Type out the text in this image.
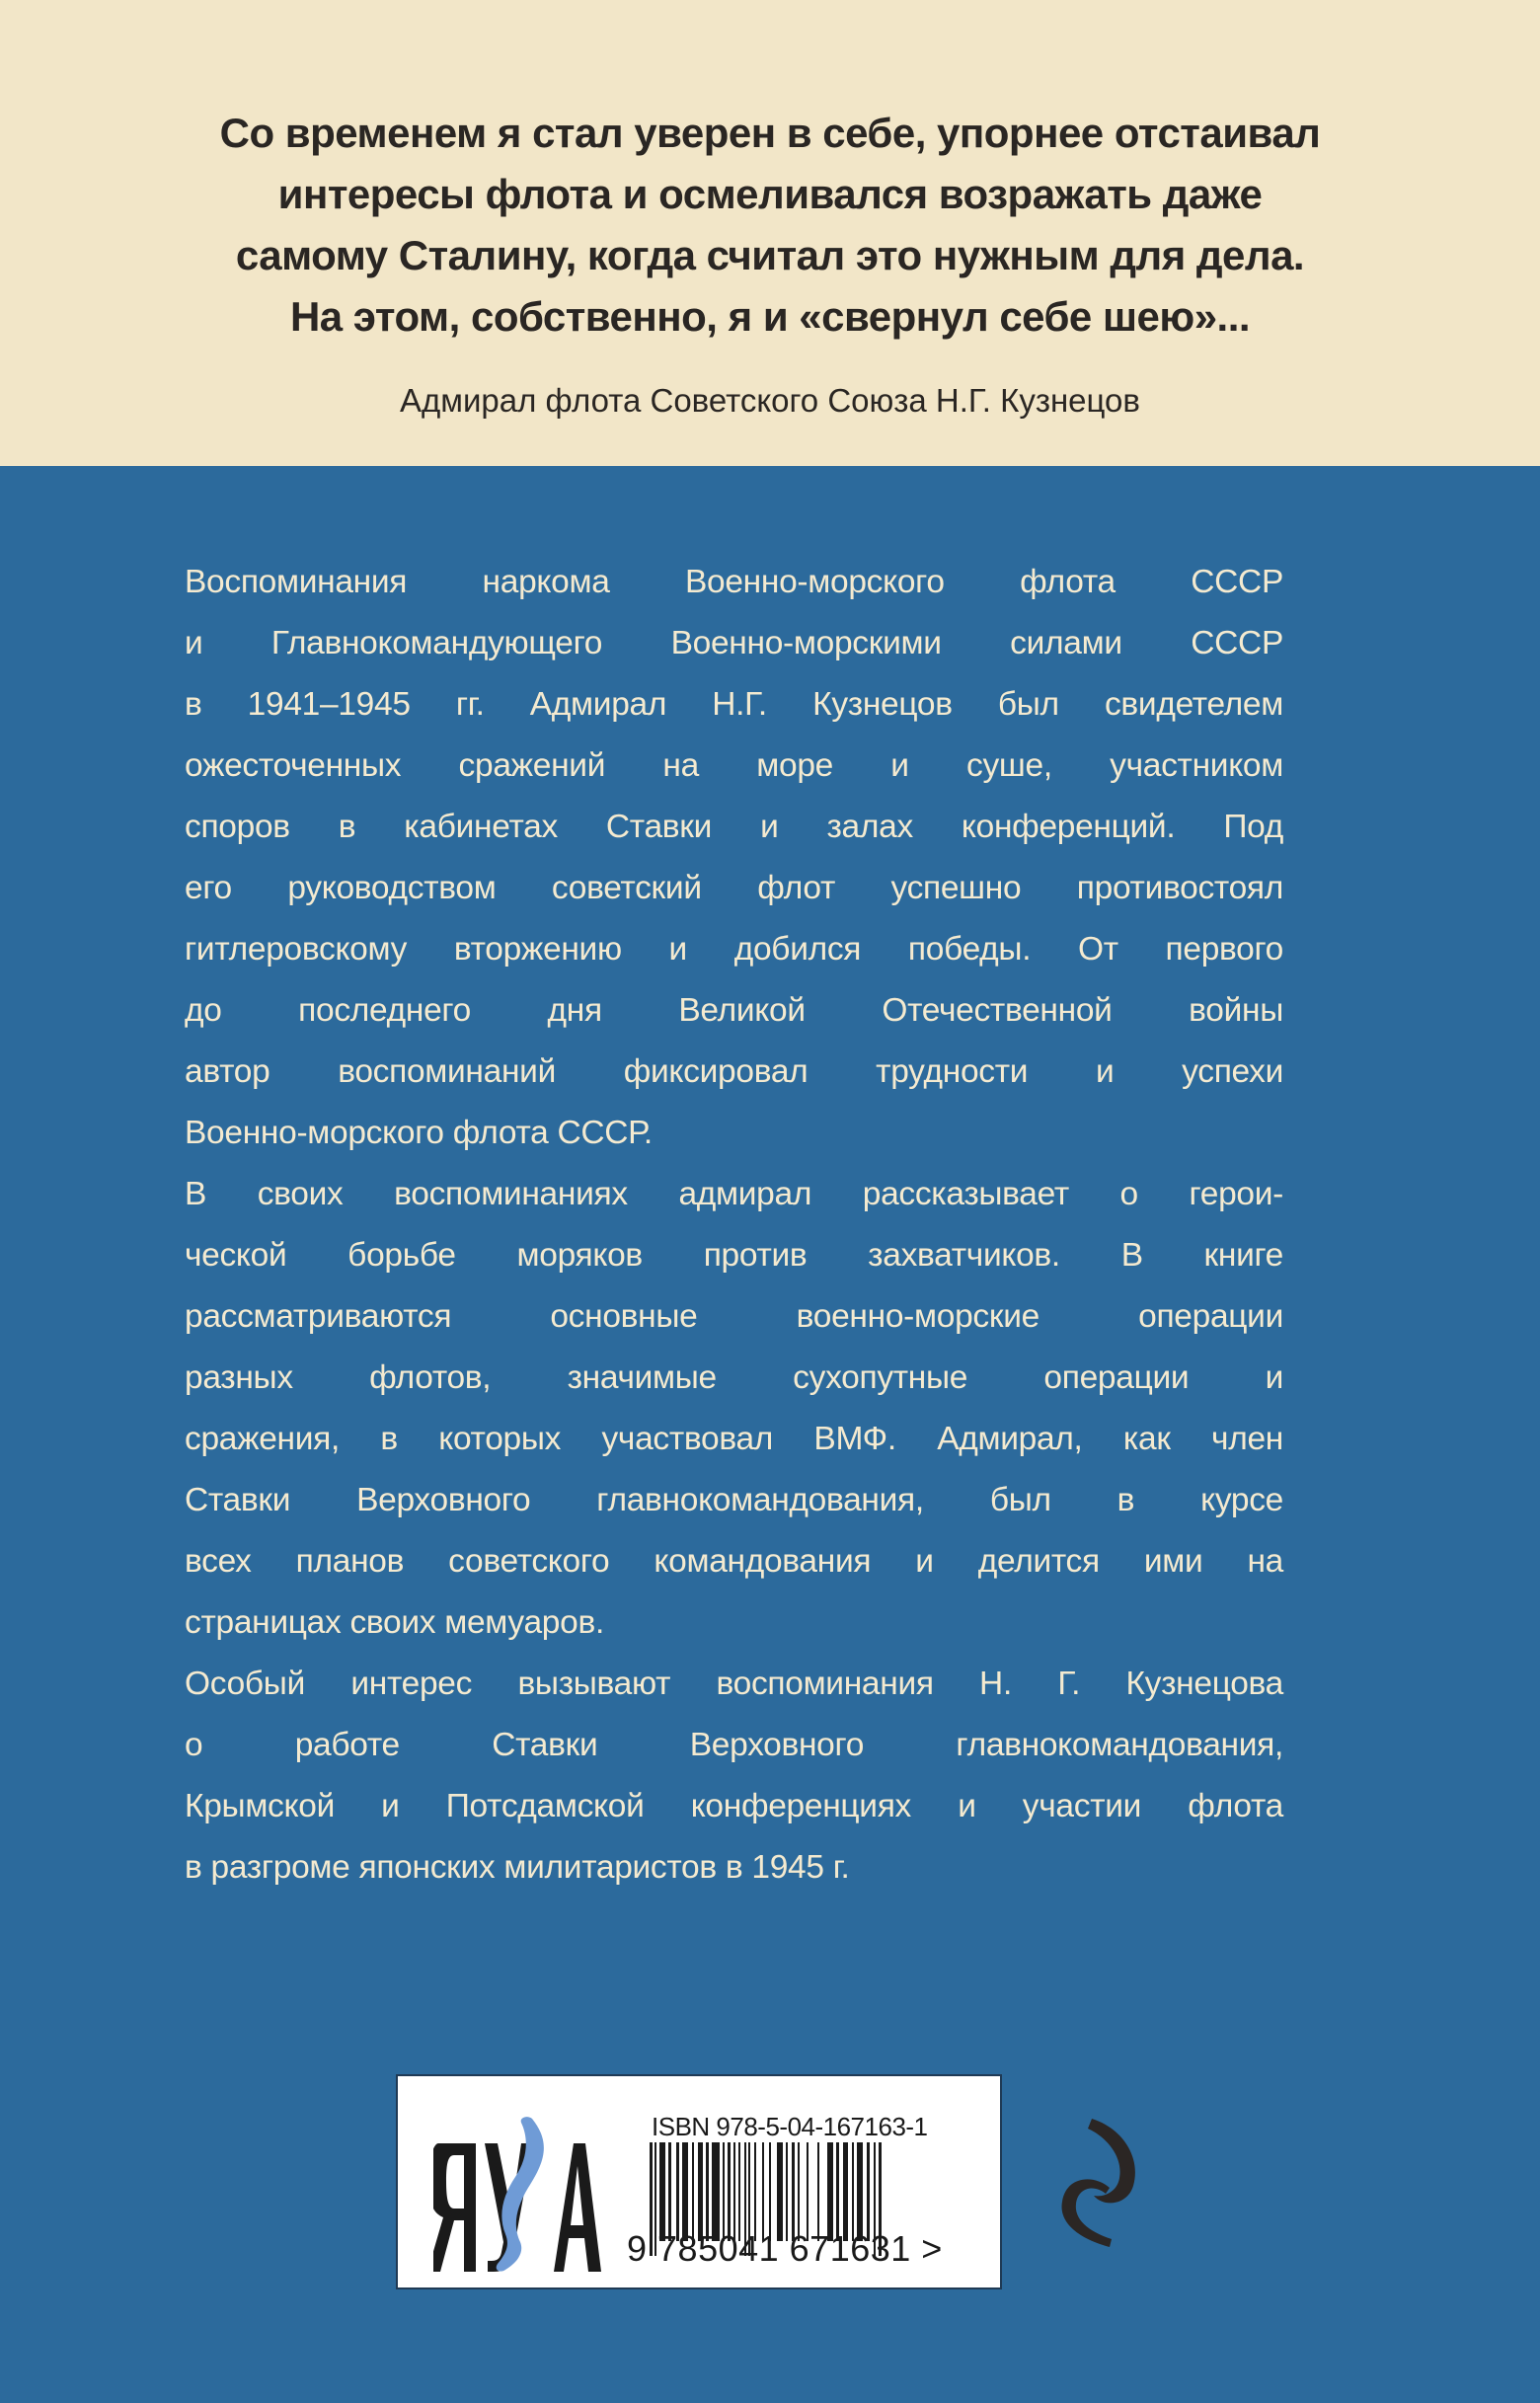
Со временем я стал уверен в себе, упорнее отстаивал
интересы флота и осмеливался возражать даже
самому Сталину, когда считал это нужным для дела.
На этом, собственно, я и «свернул себе шею»...
Адмирал флота Советского Союза Н.Г. Кузнецов
Воспоминания наркома Военно-морского флота СССР
и Главнокомандующего Военно-морскими силами СССР
в 1941–1945 гг. Адмирал Н.Г. Кузнецов был свидетелем
ожесточенных сражений на море и суше, участником
споров в кабинетах Ставки и залах конференций. Под
его руководством советский флот успешно противостоял
гитлеровскому вторжению и добился победы. От первого
до последнего дня Великой Отечественной войны
автор воспоминаний фиксировал трудности и успехи
Военно-морского флота СССР.
В своих воспоминаниях адмирал рассказывает о герои-
ческой борьбе моряков против захватчиков. В книге
рассматриваются основные военно-морские операции
разных флотов, значимые сухопутные операции и
сражения, в которых участвовал ВМФ. Адмирал, как член
Ставки Верховного главнокомандования, был в курсе
всех планов советского командования и делится ими на
страницах своих мемуаров.
Особый интерес вызывают воспоминания Н. Г. Кузнецова
о работе Ставки Верховного главнокомандования,
Крымской и Потсдамской конференциях и участии флота
в разгроме японских милитаристов в 1945 г.
ISBN 978-5-04-167163-1
9 785041 671631 >
